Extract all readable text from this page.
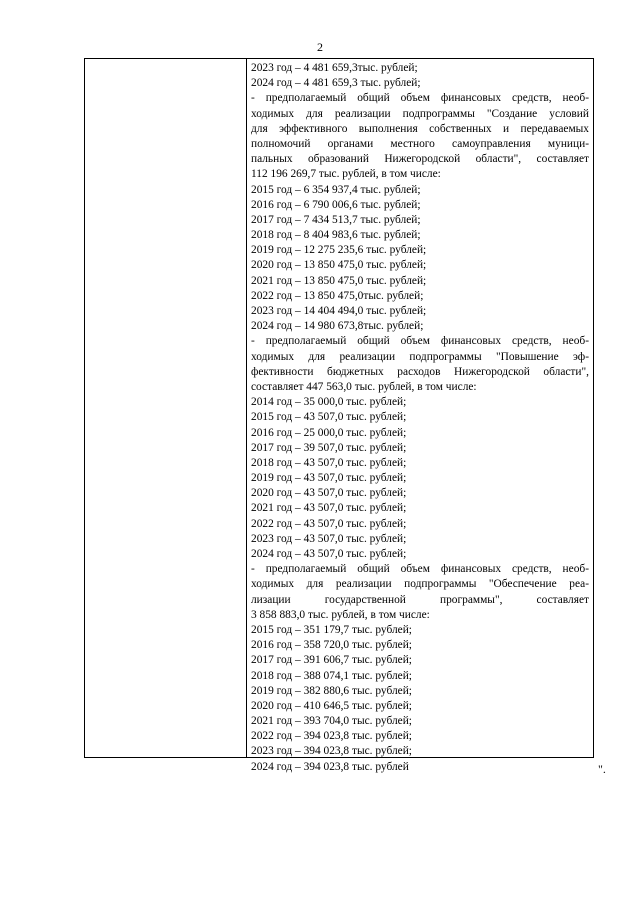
2
2023 год – 4 481 659,3тыс. рублей;
2024 год – 4 481 659,3 тыс. рублей;
- предполагаемый общий объем финансовых средств, необ-
ходимых для реализации подпрограммы "Создание условий
для эффективного выполнения собственных и передаваемых
полномочий органами местного самоуправления муници-
пальных образований Нижегородской области", составляет
112 196 269,7 тыс. рублей, в том числе:
2015 год – 6 354 937,4 тыс. рублей;
2016 год – 6 790 006,6 тыс. рублей;
2017 год – 7 434 513,7 тыс. рублей;
2018 год – 8 404 983,6 тыс. рублей;
2019 год – 12 275 235,6 тыс. рублей;
2020 год – 13 850 475,0 тыс. рублей;
2021 год – 13 850 475,0 тыс. рублей;
2022 год – 13 850 475,0тыс. рублей;
2023 год – 14 404 494,0 тыс. рублей;
2024 год – 14 980 673,8тыс. рублей;
- предполагаемый общий объем финансовых средств, необ-
ходимых для реализации подпрограммы "Повышение эф-
фективности бюджетных расходов Нижегородской области",
составляет 447 563,0 тыс. рублей, в том числе:
2014 год – 35 000,0 тыс. рублей;
2015 год – 43 507,0 тыс. рублей;
2016 год – 25 000,0 тыс. рублей;
2017 год – 39 507,0 тыс. рублей;
2018 год – 43 507,0 тыс. рублей;
2019 год – 43 507,0 тыс. рублей;
2020 год – 43 507,0 тыс. рублей;
2021 год – 43 507,0 тыс. рублей;
2022 год – 43 507,0 тыс. рублей;
2023 год – 43 507,0 тыс. рублей;
2024 год – 43 507,0 тыс. рублей;
- предполагаемый общий объем финансовых средств, необ-
ходимых для реализации подпрограммы "Обеспечение реа-
лизации государственной программы", составляет
3 858 883,0 тыс. рублей, в том числе:
2015 год – 351 179,7 тыс. рублей;
2016 год – 358 720,0 тыс. рублей;
2017 год – 391 606,7 тыс. рублей;
2018 год – 388 074,1 тыс. рублей;
2019 год – 382 880,6 тыс. рублей;
2020 год – 410 646,5 тыс. рублей;
2021 год – 393 704,0 тыс. рублей;
2022 год – 394 023,8 тыс. рублей;
2023 год – 394 023,8 тыс. рублей;
2024 год – 394 023,8 тыс. рублей	".
